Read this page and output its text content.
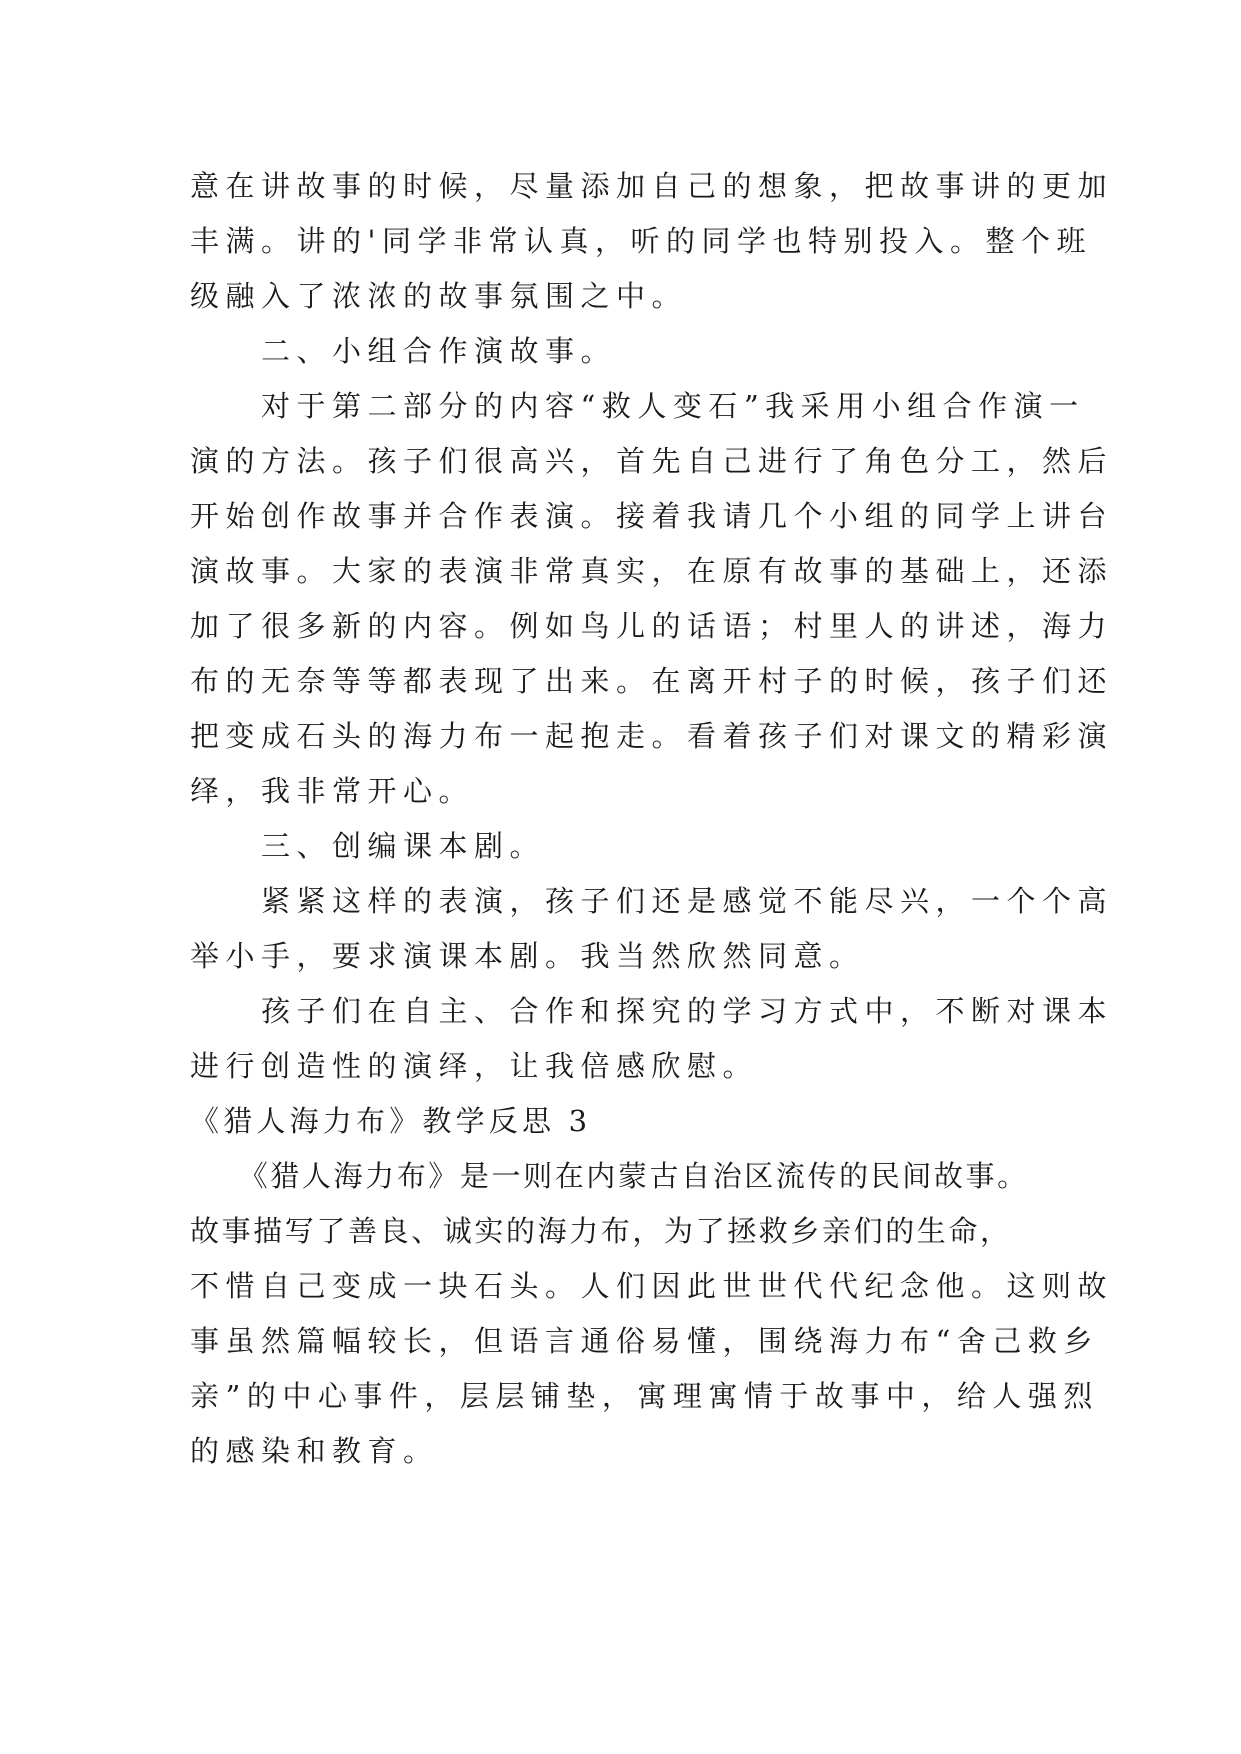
意在讲故事的时候，尽量添加自己的想象，把故事讲的更加
丰满。讲的'同学非常认真，听的同学也特别投入。整个班
级融入了浓浓的故事氛围之中。
　　二、小组合作演故事。
　　对于第二部分的内容“救人变石”我采用小组合作演一
演的方法。孩子们很高兴，首先自己进行了角色分工，然后
开始创作故事并合作表演。接着我请几个小组的同学上讲台
演故事。大家的表演非常真实，在原有故事的基础上，还添
加了很多新的内容。例如鸟儿的话语；村里人的讲述，海力
布的无奈等等都表现了出来。在离开村子的时候，孩子们还
把变成石头的海力布一起抱走。看着孩子们对课文的精彩演
绎，我非常开心。
　　三、创编课本剧。
　　紧紧这样的表演，孩子们还是感觉不能尽兴，一个个高
举小手，要求演课本剧。我当然欣然同意。
　　孩子们在自主、合作和探究的学习方式中，不断对课本
进行创造性的演绎，让我倍感欣慰。
《猎人海力布》教学反思 3
　　《猎人海力布》是一则在内蒙古自治区流传的民间故事。
故事描写了善良、诚实的海力布，为了拯救乡亲们的生命，
不惜自己变成一块石头。人们因此世世代代纪念他。这则故
事虽然篇幅较长，但语言通俗易懂，围绕海力布“舍己救乡
亲”的中心事件，层层铺垫，寓理寓情于故事中，给人强烈
的感染和教育。
